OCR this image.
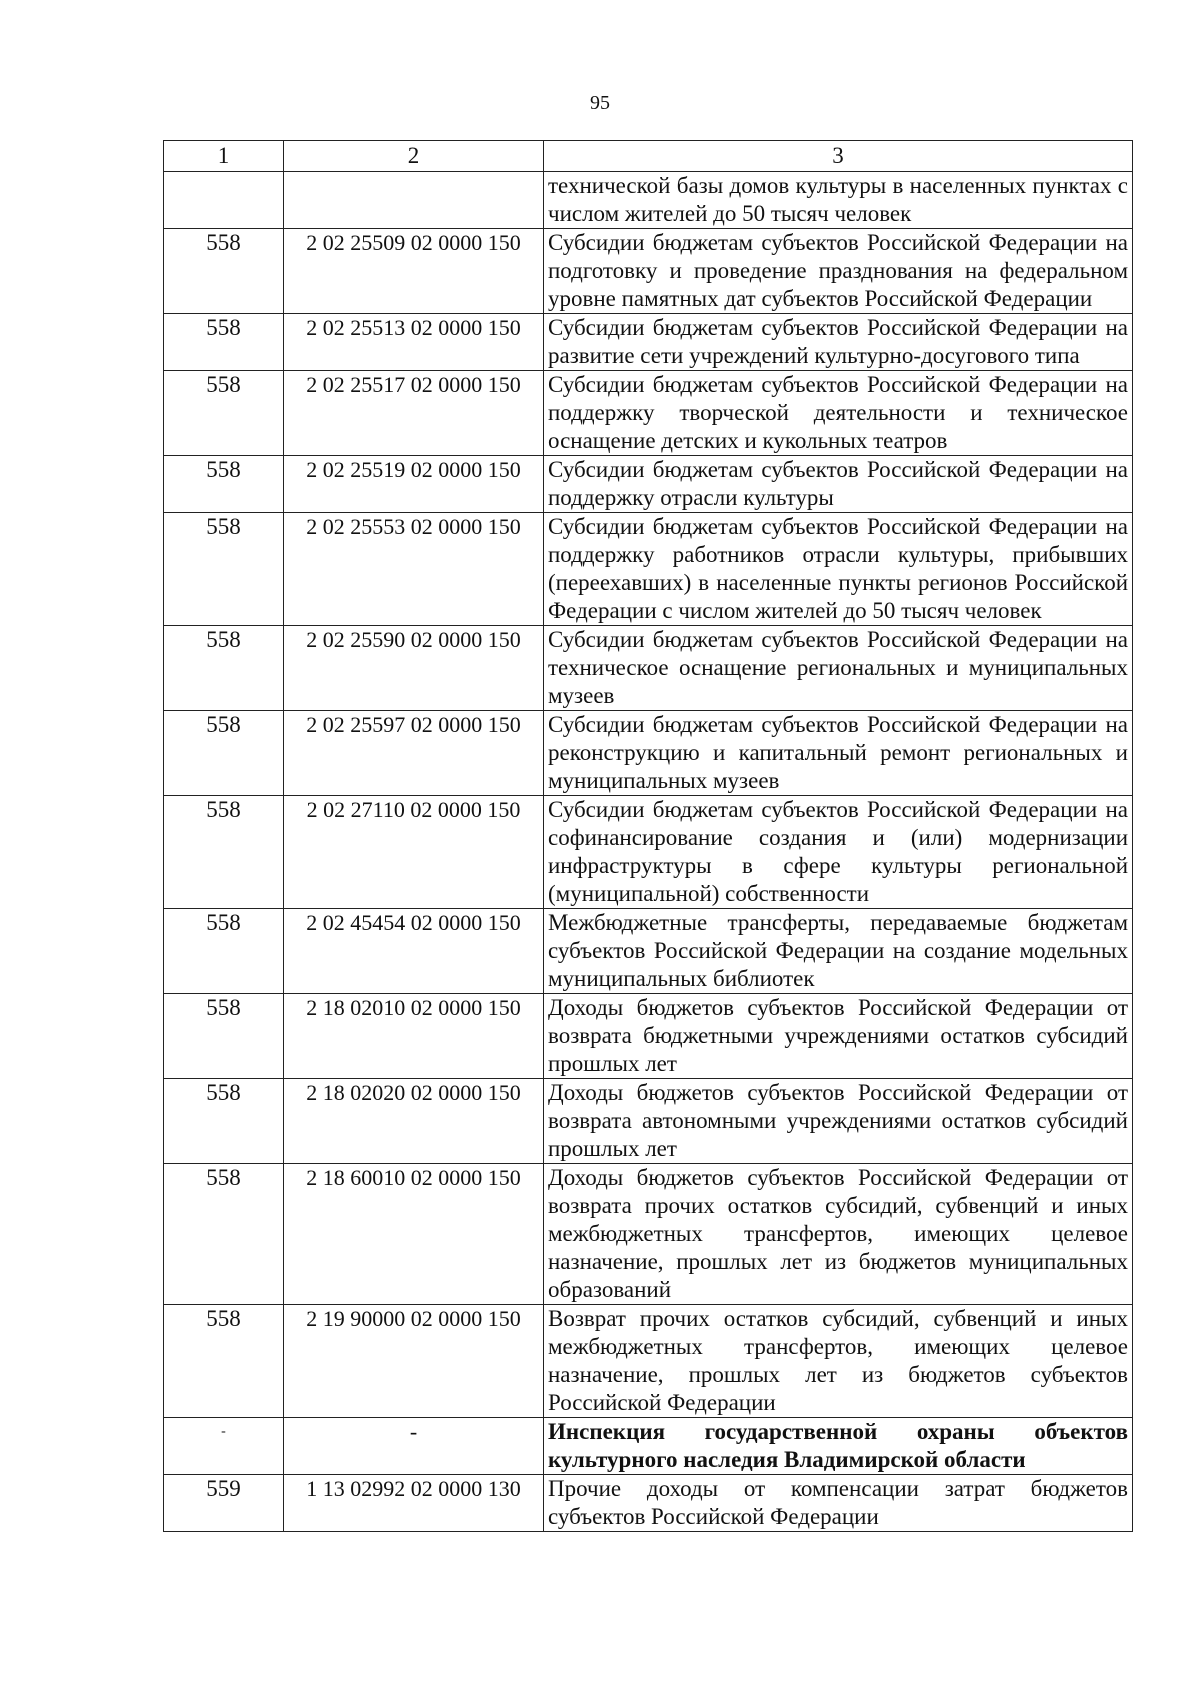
95
1	2	3
		технической базы домов культуры в населенных пунктах с числом жителей до 50 тысяч человек
558	2 02 25509 02 0000 150	Субсидии бюджетам субъектов Российской Федерации на подготовку и проведение празднования на федеральном уровне памятных дат субъектов Российской Федерации
558	2 02 25513 02 0000 150	Субсидии бюджетам субъектов Российской Федерации на развитие сети учреждений культурно-досугового типа
558	2 02 25517 02 0000 150	Субсидии бюджетам субъектов Российской Федерации на поддержку творческой деятельности и техническое оснащение детских и кукольных театров
558	2 02 25519 02 0000 150	Субсидии бюджетам субъектов Российской Федерации на поддержку отрасли культуры
558	2 02 25553 02 0000 150	Субсидии бюджетам субъектов Российской Федерации на поддержку работников отрасли культуры, прибывших (переехавших) в населенные пункты регионов Российской Федерации с числом жителей до 50 тысяч человек
558	2 02 25590 02 0000 150	Субсидии бюджетам субъектов Российской Федерации на техническое оснащение региональных и муниципальных музеев
558	2 02 25597 02 0000 150	Субсидии бюджетам субъектов Российской Федерации на реконструкцию и капитальный ремонт региональных и муниципальных музеев
558	2 02 27110 02 0000 150	Субсидии бюджетам субъектов Российской Федерации на софинансирование создания и (или) модернизации инфраструктуры в сфере культуры региональной (муниципальной) собственности
558	2 02 45454 02 0000 150	Межбюджетные трансферты, передаваемые бюджетам субъектов Российской Федерации на создание модельных муниципальных библиотек
558	2 18 02010 02 0000 150	Доходы бюджетов субъектов Российской Федерации от возврата бюджетными учреждениями остатков субсидий прошлых лет
558	2 18 02020 02 0000 150	Доходы бюджетов субъектов Российской Федерации от возврата автономными учреждениями остатков субсидий прошлых лет
558	2 18 60010 02 0000 150	Доходы бюджетов субъектов Российской Федерации от возврата прочих остатков субсидий, субвенций и иных межбюджетных трансфертов, имеющих целевое назначение, прошлых лет из бюджетов муниципальных образований
558	2 19 90000 02 0000 150	Возврат прочих остатков субсидий, субвенций и иных межбюджетных трансфертов, имеющих целевое назначение, прошлых лет из бюджетов субъектов Российской Федерации
-	-	Инспекция государственной охраны объектов культурного наследия Владимирской области
559	1 13 02992 02 0000 130	Прочие доходы от компенсации затрат бюджетов субъектов Российской Федерации
